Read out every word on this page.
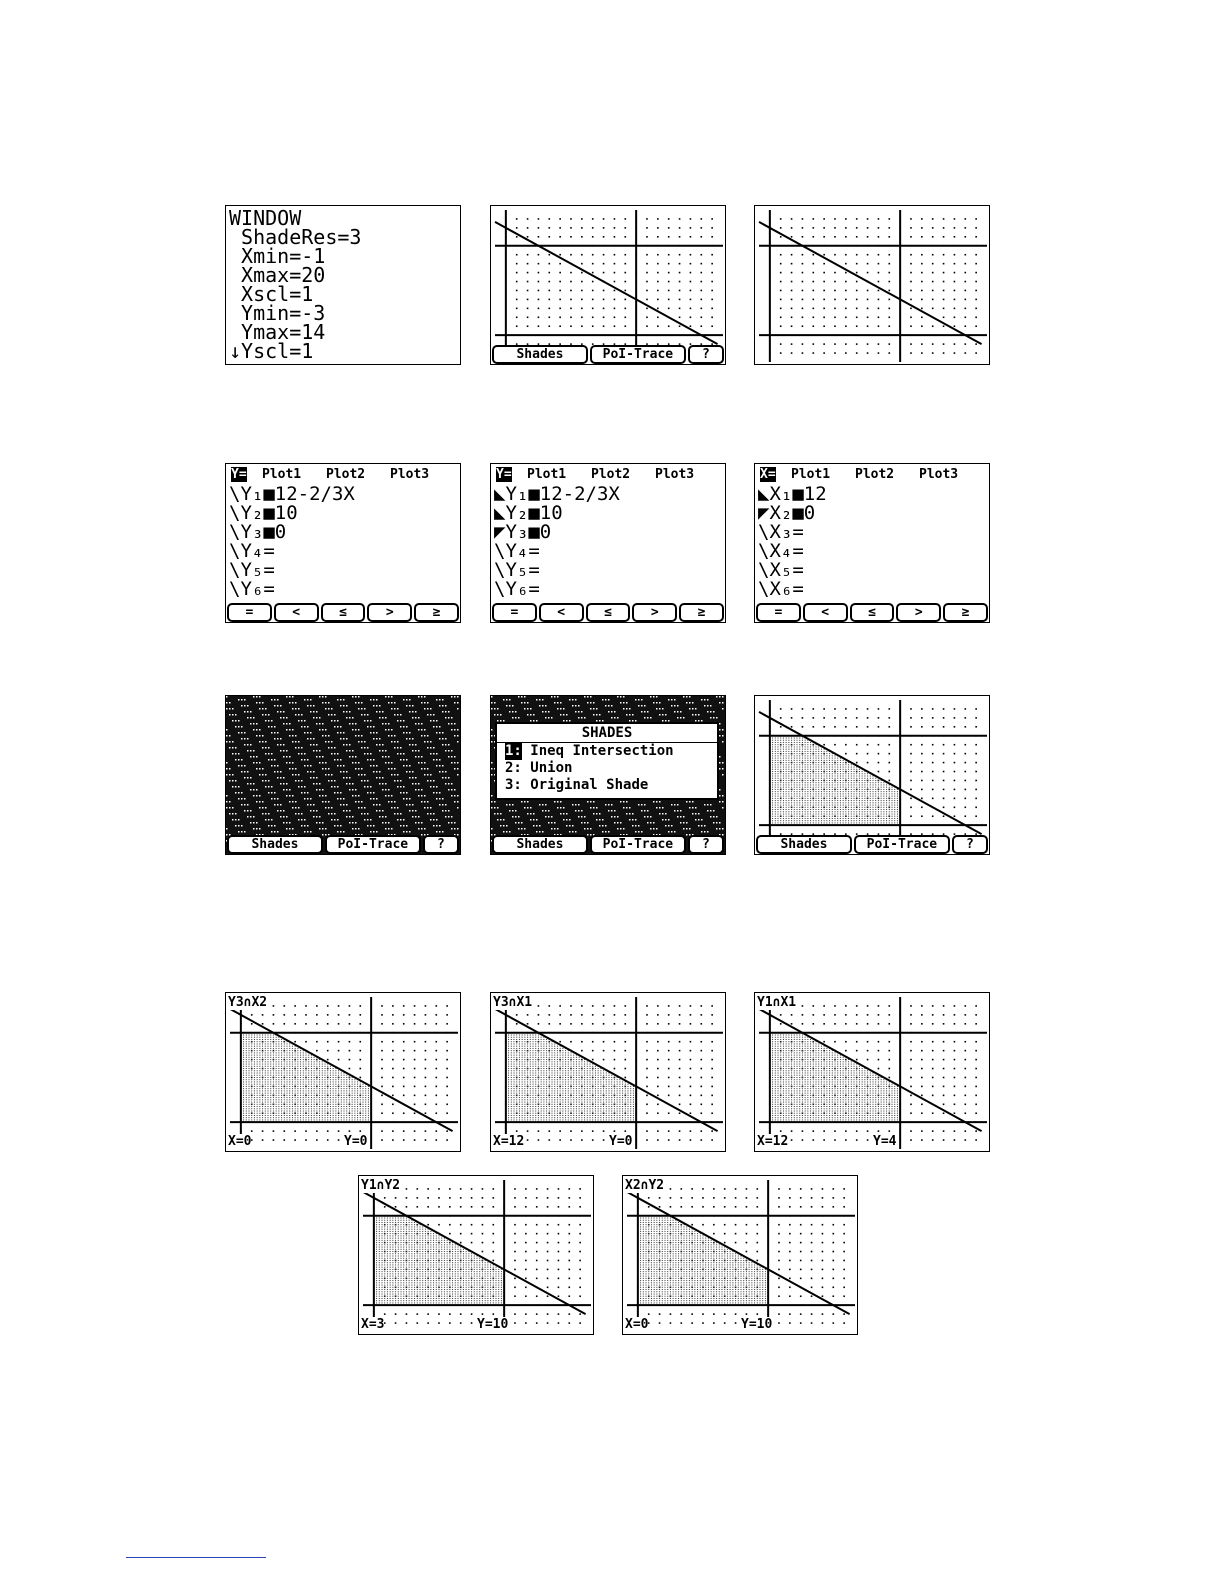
WINDOW
ShadeRes=3
Xmin=-1
Xmax=20
Xscl=1
Ymin=-3
Ymax=14
↓Yscl=1	Shades	PoI-Trace	?
Y= Plot1 Plot2 Plot3
\Y₁■12-2/3X
\Y₂■10
\Y₃■0
\Y₄=
\Y₅=
\Y₆=
=	<	≤	>	≥
Y= Plot1 Plot2 Plot3
◣Y₁■12-2/3X
◣Y₂■10
◤Y₃■0
\Y₄=
\Y₅=
\Y₆=
=	<	≤	>	≥
X= Plot1 Plot2 Plot3
◣X₁■12
◤X₂■0
\X₃=
\X₄=
\X₅=
\X₆=
=	<	≤	>	≥
Shades	PoI-Trace	?
SHADES
1: Ineq Intersection
2: Union
3: Original Shade
Shades	PoI-Trace	?	Shades	PoI-Trace	?
Y3∩X2
X=0	Y=0
Y3∩X1
X=12	Y=0
Y1∩X1
X=12	Y=4
Y1∩Y2
X=3	Y=10
X2∩Y2
X=0	Y=10
